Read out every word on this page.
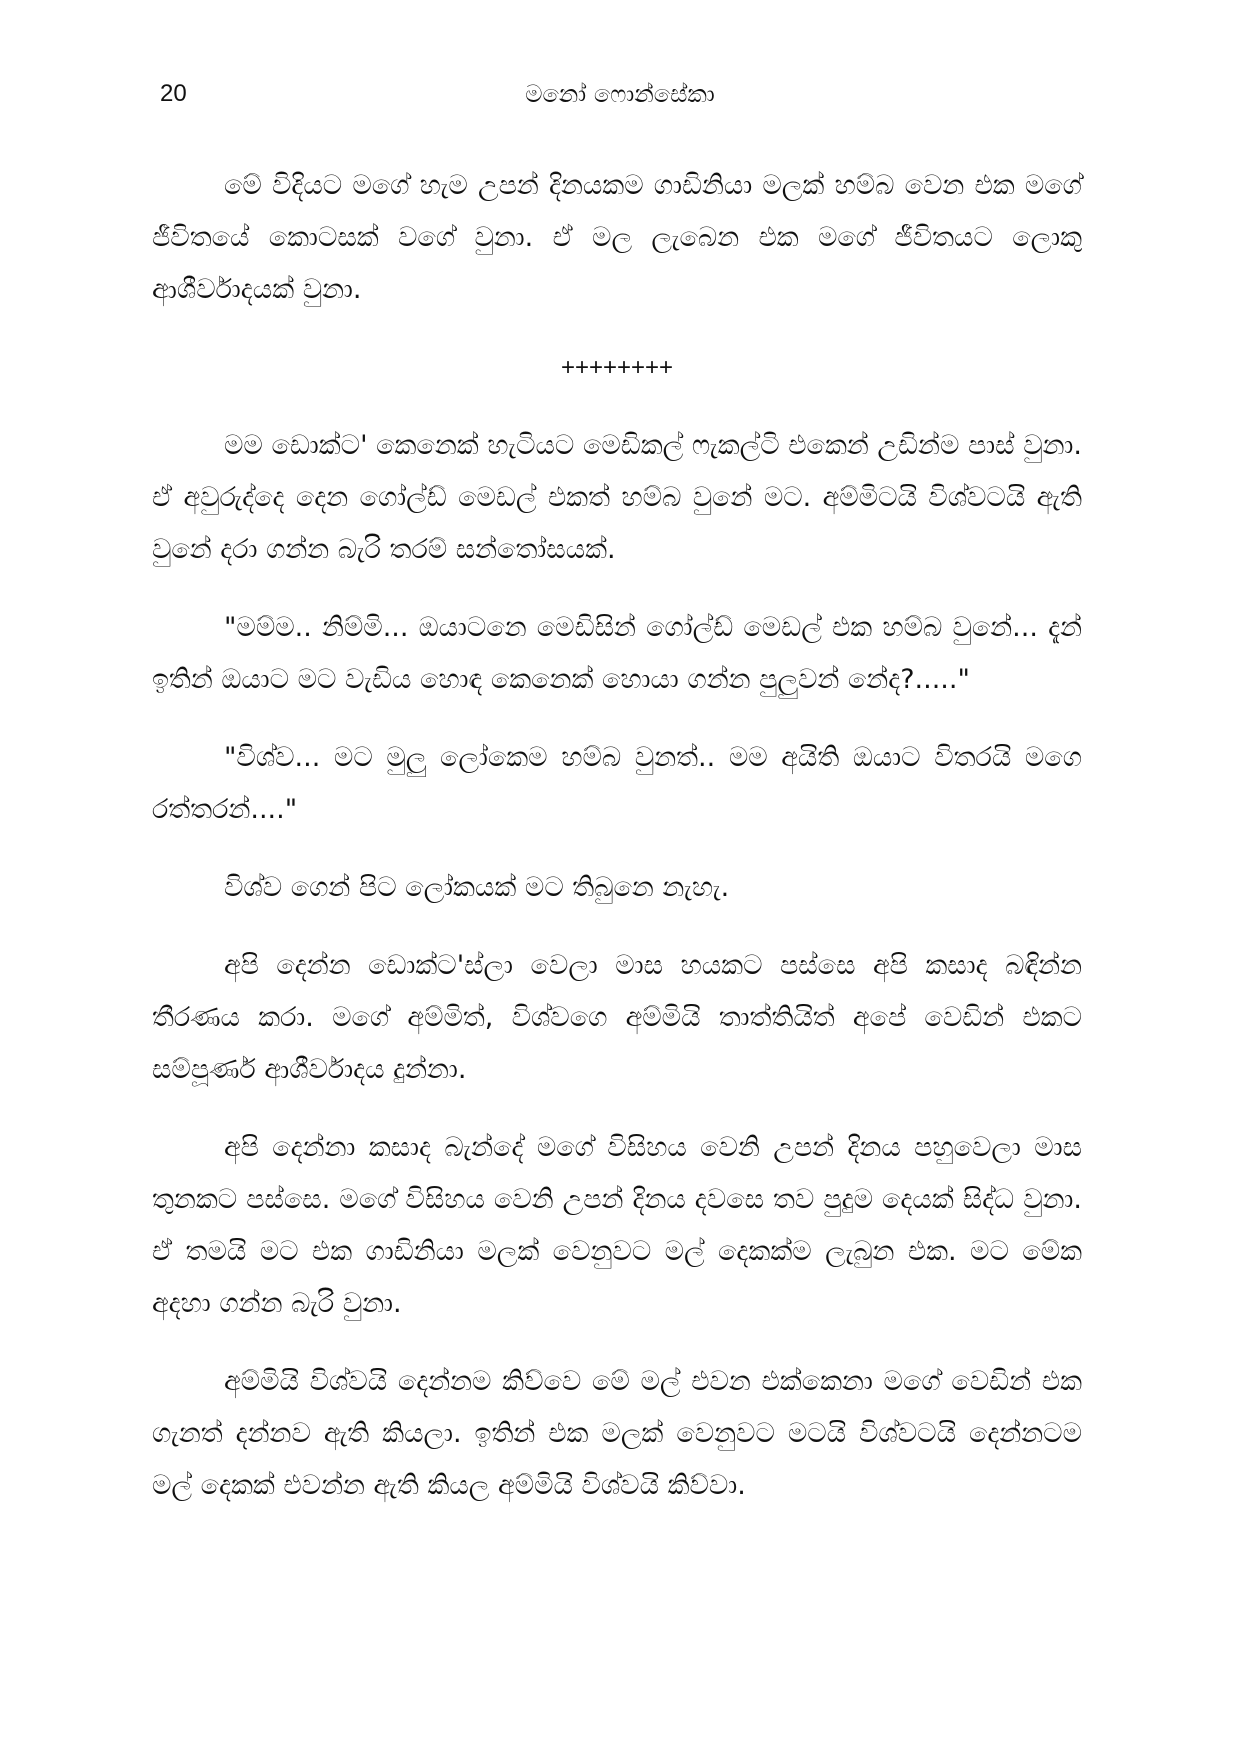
20	මනෝ ෆොන්සේකා

මේ විදියට මගේ හැම උපන් දිනයකම ගාඩිනියා මලක් හම්බ වෙන එක මගේ ජීවිතයේ කොටසක් වගේ වුනා. ඒ මල ලැබෙන එක මගේ ජීවිතයට ලොකු ආශීර්වාදයක් වුනා.

++++++++

මම ඩොක්ට' කෙනෙක් හැටියට මෙඩිකල් ෆැකල්ටි එකෙන් උඩින්ම පාස් වුනා. ඒ අවුරුද්දෙ දෙන ගෝල්ඩ් මෙඩල් එකත් හම්බ වුනේ මට. අම්මිටයි විශ්වටයි ඇති වුනේ දරා ගන්න බැරි තරම් සන්තෝසයක්.

"මම්ම.. නිම්මි... ඔයාටනෙ මෙඩිසින් ගෝල්ඩ් මෙඩල් එක හම්බ වුනේ... දැන් ඉතින් ඔයාට මට වැඩිය හොඳ කෙනෙක් හොයා ගන්න පුලුවන් නේද?....."

"විශ්ව... මට මුලු ලෝකෙම හම්බ වුනත්.. මම අයිති ඔයාට විතරයි මගෙ රත්තරන්...."

විශ්ව ගෙන් පිට ලෝකයක් මට තිබුනෙ නැහැ.

අපි දෙන්න ඩොක්ට'ස්ලා වෙලා මාස හයකට පස්සෙ අපි කසාද බඳින්න තීරණය කරා. මගේ අම්මිත්, විශ්වගෙ අම්මියි තාත්තියිත් අපේ වෙඩින් එකට සම්පූර්ණ ආශීර්වාදය දුන්නා.

අපි දෙන්නා කසාද බැන්දේ මගේ විසිහය වෙනි උපන් දිනය පහුවෙලා මාස තුනකට පස්සෙ. මගේ විසිහය වෙනි උපන් දිනය දවසෙ තව පුදුම දෙයක් සිද්ධ වුනා. ඒ තමයි මට එක ගාඩිනියා මලක් වෙනුවට මල් දෙකක්ම ලැබුන එක. මට මේක අදහා ගන්න බැරි වුනා.

අම්මියි විශ්වයි දෙන්නම කිව්වෙ මේ මල් එවන එක්කෙනා මගේ වෙඩින් එක ගැනත් දන්නව ඇති කියලා. ඉතින් එක මලක් වෙනුවට මටයි විශ්වටයි දෙන්නටම මල් දෙකක් එවන්න ඇති කියල අම්මියි විශ්වයි කිව්වා.
